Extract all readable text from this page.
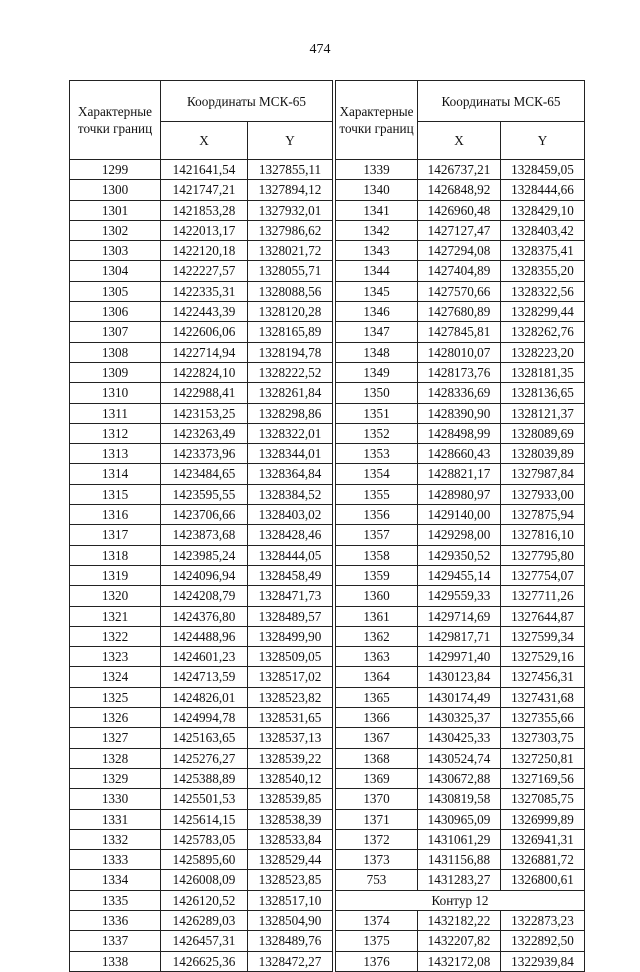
474
Характерные точки границ	Координаты МСК-65	
	X	Y
1299	1421641,54	1327855,11
1300	1421747,21	1327894,12
1301	1421853,28	1327932,01
1302	1422013,17	1327986,62
1303	1422120,18	1328021,72
1304	1422227,57	1328055,71
1305	1422335,31	1328088,56
1306	1422443,39	1328120,28
1307	1422606,06	1328165,89
1308	1422714,94	1328194,78
1309	1422824,10	1328222,52
1310	1422988,41	1328261,84
1311	1423153,25	1328298,86
1312	1423263,49	1328322,01
1313	1423373,96	1328344,01
1314	1423484,65	1328364,84
1315	1423595,55	1328384,52
1316	1423706,66	1328403,02
1317	1423873,68	1328428,46
1318	1423985,24	1328444,05
1319	1424096,94	1328458,49
1320	1424208,79	1328471,73
1321	1424376,80	1328489,57
1322	1424488,96	1328499,90
1323	1424601,23	1328509,05
1324	1424713,59	1328517,02
1325	1424826,01	1328523,82
1326	1424994,78	1328531,65
1327	1425163,65	1328537,13
1328	1425276,27	1328539,22
1329	1425388,89	1328540,12
1330	1425501,53	1328539,85
1331	1425614,15	1328538,39
1332	1425783,05	1328533,84
1333	1425895,60	1328529,44
1334	1426008,09	1328523,85
1335	1426120,52	1328517,10
1336	1426289,03	1328504,90
1337	1426457,31	1328489,76
1338	1426625,36	1328472,27
Характерные точки границ	Координаты МСК-65	
	X	Y
1339	1426737,21	1328459,05
1340	1426848,92	1328444,66
1341	1426960,48	1328429,10
1342	1427127,47	1328403,42
1343	1427294,08	1328375,41
1344	1427404,89	1328355,20
1345	1427570,66	1328322,56
1346	1427680,89	1328299,44
1347	1427845,81	1328262,76
1348	1428010,07	1328223,20
1349	1428173,76	1328181,35
1350	1428336,69	1328136,65
1351	1428390,90	1328121,37
1352	1428498,99	1328089,69
1353	1428660,43	1328039,89
1354	1428821,17	1327987,84
1355	1428980,97	1327933,00
1356	1429140,00	1327875,94
1357	1429298,00	1327816,10
1358	1429350,52	1327795,80
1359	1429455,14	1327754,07
1360	1429559,33	1327711,26
1361	1429714,69	1327644,87
1362	1429817,71	1327599,34
1363	1429971,40	1327529,16
1364	1430123,84	1327456,31
1365	1430174,49	1327431,68
1366	1430325,37	1327355,66
1367	1430425,33	1327303,75
1368	1430524,74	1327250,81
1369	1430672,88	1327169,56
1370	1430819,58	1327085,75
1371	1430965,09	1326999,89
1372	1431061,29	1326941,31
1373	1431156,88	1326881,72
753	1431283,27	1326800,61
Контур 12		
1374	1432182,22	1322873,23
1375	1432207,82	1322892,50
1376	1432172,08	1322939,84
